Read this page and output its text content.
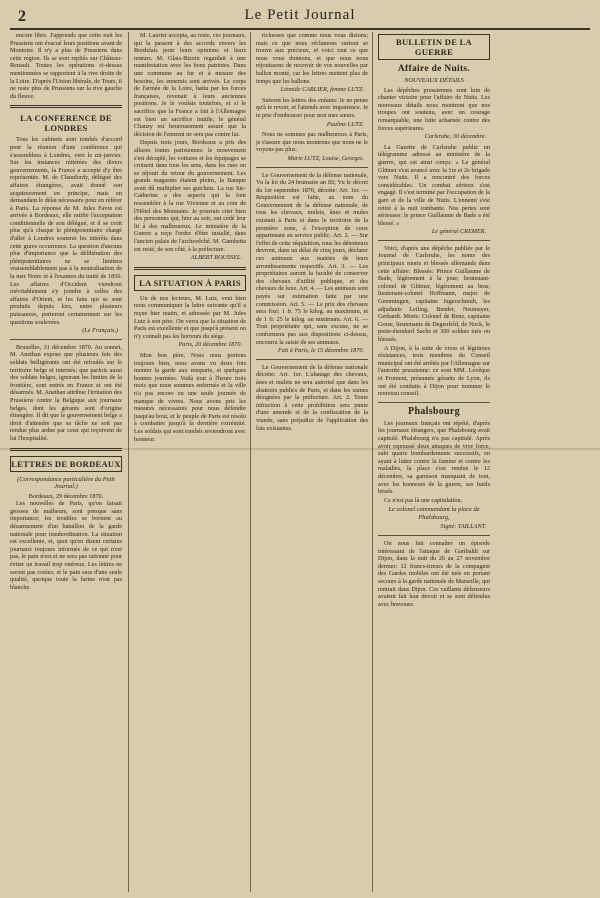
2	Le Petit Journal

encore libre. J'apprends que cette nuit les Prussiens ont évacué leurs positions avant de Montoire. Il n'y a plus de Prussiens dans cette région. Ils se sont repliés sur Château-Renault. Toutes les opérations ci-dessus mentionnées se rapportent à la rive droite de la Loire. D'après l'Union libérale, de Tours, il ne reste plus de Prussiens sur la rive gauche du fleuve.

LA CONFERENCE DE LONDRES

Tous les cabinets sont tombés d'accord pour la réunion d'une conférence qui s'assemblera à Londres, vers le mi-janvier. Sur les instances réitérées des divers gouvernements, la France a accepté d'y être représentée. M. de Chaudordy, délégué des affaires étrangères, avait donné son acquiescement en principe, mais en demandant le délai nécessaire pour en référer à Paris. La réponse de M. Jules Favre est arrivée à Bordeaux, elle ratifie l'acceptation conditionnelle de son délégué, et il se croit plus qu'à chaque le plénipotentiaire chargé d'aller à Londres soutenir les intérêts dans cette grave occurrence. La question d'aucuns plus d'importance que la délibération des plénipotentiaires ne se limitera vraisemblablement pas à la neutralisation de la mer Noire et à l'examen du traité de 1856. Les affaires d'Occident viendront inévitablement s'y joindre à celles des affaires d'Orient, et les faits qui se sont produits depuis lors, entre plusieurs puissances, porteront certainement sur les questions soulevées.

(Le Français.)

Bruxelles, 31 décembre 1870. Au sonnet, M. Anethan expose que plusieurs fois des soldats belligérants ont été refoulés sur le territoire belge et internés; que parfois aussi des soldats belges, ignorant les limites de la frontière, sont entrés en France et ont été désarmés. M. Anethan attribue l'irritation des Prussiens contre la Belgique aux journaux belges, dont les gérants sont d'origine étrangère. Il dit que le gouvernement belge a droit d'attendre que sa tâche ne soit pas rendue plus ardue par ceux qui reçoivent de lui l'hospitalité.

LETTRES DE BORDEAUX
(Correspondance particulière du Petit Journal.)
Bordeaux, 29 décembre 1870.

Les nouvelles de Paris, qu'on faisait grosses de malheurs, sont presque sans importance; les troubles se bornent au désarmement d'un bataillon de la garde nationale pour insubordination. La situation est excellente, et, quoi qu'en disent certains journaux toujours informés de ce qui n'est pas, le pain n'est et ne sera pas rationné pour éviter un travail trop onéreux. Les lettres ne seront pas cotées; et le pain sera d'une seule qualité, quoique toute la farine n'est pas blanche.

M. Laurier accepta, au reste, ces journaux, qui la passent à des accords envers les Bordelais pour leurs opinions et leurs mœurs. M. Glais-Bizoin regardait à une manifestation avec les bons patriotes. Dans une commune au fur et à mesure des besoins, les ennemis sont arrivés. Le corps de l'armée de la Loire, battu par les forces françaises, revenait à leurs anciennes positions. Je le voulais toutefois, et si le sacrifice que la France a fait à l'Allemagne est bien un sacrifice inutile, le général Chanzy est heureusement assuré que la décision de l'ennemi ne sera pas contre lui.

Depuis trois jours, Bordeaux a pris des allures toutes parisiennes: le mouvement s'est décuplé, les voitures et les équipages se croisent dans tous les sens, dans les rues on se réjouit du retour du gouvernement. Les grands magasins étaient pleins, la Banque avait dû multiplier ses guichets. La rue Ste-Catherine a des aspects qui la font ressembler à la rue Vivienne et au coin de l'Hôtel des Monnaies. Je pourrais citer bien des personnes qui, hier au soir, ont cédé leur lit à des malheureux. Le ministère de la Guerre a reçu l'ordre d'être installé, dans l'ancien palais de l'archevêché. M. Gambetta est resté, de son côté, à la préfecture.

ALBERT ROUSSEL.
LA SITUATION À PARIS

Un de nos lecteurs, M. Lutz, veut bien nous communiquer la lettre suivante qu'il a reçue hier matin, et adressée par M. Jules Lutz à son père. On verra que la situation de Paris est excellente et que jusqu'à présent on n'y connaît pas les horreurs du siège.

Paris, 20 décembre 1870.

Mon bon père, Nous nous portons toujours bien, nous avons vu deux fois monter la garde aux remparts, et quelques bonnes journées. Voilà tout à l'heure trois mois que nous sommes enfermés et la ville n'a pas encore eu une seule journée de manque de vivres. Nous avons pris les mesures nécessaires pour nous défendre jusqu'au bout, et le peuple de Paris est résolu à combattre jusqu'à la dernière extrémité. Les soldats qui sont tombés reviendront avec honneur.

richesses que comme nous vous disions; mais ce que nous réclamons surtout se trouve aux précieux, et voici tout ce que nous vous donnons, et que nous nous réjouissons de recevoir de vos nouvelles par ballon monté, car les lettres mettent plus de temps que les ballons.

Léonide CARLIER, femme LUTZ.

Suivent les lettres des enfants: Je ne pense qu'à te revoir, et l'attends avec impatience. Je te prie d'embrasser pour moi mes sœurs.

Pauline LUTZ.

Nous ne sommes pas malheureux à Paris, je t'assure que nous montrons que nous ne le voyons pas plus.

Marie LUTZ, Louise, Georges.

Le Gouvernement de la défense nationale, Vu la loi du 24 brumaire an III; Vu le décret du 1er septembre 1870, décrète: Art. 1er. — Réquisition est faite, au nom du Gouvernement de la défense nationale, de tous les chevaux, mulets, ânes et mules existant à Paris et dans le territoire de la première zone, à l'exception de ceux appartenant au service public. Art. 2. — Sur l'effet de cette réquisition, tous les détenteurs devront, dans un délai de cinq jours, déclarer ces animaux aux mairies de leurs arrondissements respectifs. Art. 3. — Les propriétaires auront la faculté de conserver des chevaux d'utilité publique, et des chevaux de luxe. Art. 4. — Les animaux sont payés sur estimation faite par une commission. Art. 5. — Le prix des chevaux sera fixé: 1 fr. 75 le kilog. au maximum, et de 1 fr. 25 le kilog. au minimum. Art. 6. — Tout propriétaire qui, sans excuse, ne se conformera pas aux dispositions ci-dessus, encourra la saisie de ses animaux.

Fait à Paris, le 15 décembre 1870.

Le Gouvernement de la défense nationale décrète: Art. 1er. L'abatage des chevaux, ânes et mulets ne sera autorisé que dans les abattoirs publics de Paris, et dans les usines désignées par la préfecture. Art. 2. Toute infraction à cette prohibition sera punie d'une amende et de la confiscation de la viande, sans préjudice de l'application des lois existantes.

BULLETIN DE LA GUERRE
Affaire de Nuits.
NOUVEAUX DÉTAILS

Les dépêches prussiennes sont loin de chanter victoire pour l'affaire de Nuits. Les nouveaux détails nous montrent que nos troupes ont soutenu, avec un courage remarquable, une lutte acharnée contre des forces supérieures.

Carlsruhe, 30 décembre.

La Gazette de Carlsruhe publie un télégramme adressé au ministère de la guerre, qui est ainsi conçu: « Le général Glümer s'est avancé avec la 1re et 2e brigade vers Nuits. Il a rencontré des forces considérables. Un combat sérieux s'est engagé. Il s'est terminé par l'occupation de la gare et de la ville de Nuits. L'ennemi s'est retiré à la nuit tombante. Nos pertes sont sérieuses: le prince Guillaume de Bade a été blessé. »

Le général CREMER.

Voici, d'après une dépêche publiée par le Journal de Carlsruhe, les noms des principaux morts et blessés allemands dans cette affaire: Blessés: Prince Guillaume de Bade, légèrement à la joue; lieutenant-colonel de Glümer, légèrement au bras; lieutenant-colonel Hoffmann, major de Gemmingen, capitaine Jagerschmidt, les adjudants Leiling, Bender, Neumayer, Gerhardt. Morts: Colonel de Renz, capitaine Gorse, lieutenants de Degenfeld, de Nock, le porte-étendard Sachs et 300 soldats tués ou blessés.

A Dijon, à la suite de vives et légitimes résistances, trois membres du Conseil municipal ont été arrêtés par l'Allemagne sur l'autorité prussienne: ce sont MM. Lévêque et Froment, présumés gérants de Lyon, ils ont été conduits à Dijon pour nommer le nouveau conseil.

Phalsbourg

Les journaux français ont répété, d'après les journaux étrangers, que Phalsbourg avait capitulé. Phalsbourg n'a pas capitulé. Après avoir repoussé deux attaques de vive force, subi quatre bombardements successifs, en ayant à lutter contre la famine et contre les maladies, la place s'est rendue le 12 décembre, sa garnison manquant de tout, avec les honneurs de la guerre, ses fusils brisés.

Ce n'est pas là une capitulation.

Le colonel commandant la place de Phalsbourg,
Signé: TAILLANT.

On nous fait connaître un épisode intéressant de l'attaque de Garibaldi sur Dijon, dans la nuit du 26 au 27 novembre dernier: 12 francs-tireurs de la compagnie des Gardes mobiles ont été tués en portant secours à la garde nationale de Marseille, qui rentrait dans Dijon. Ces vaillants défenseurs avaient fait leur devoir et se sont défendus avec bravoure.
